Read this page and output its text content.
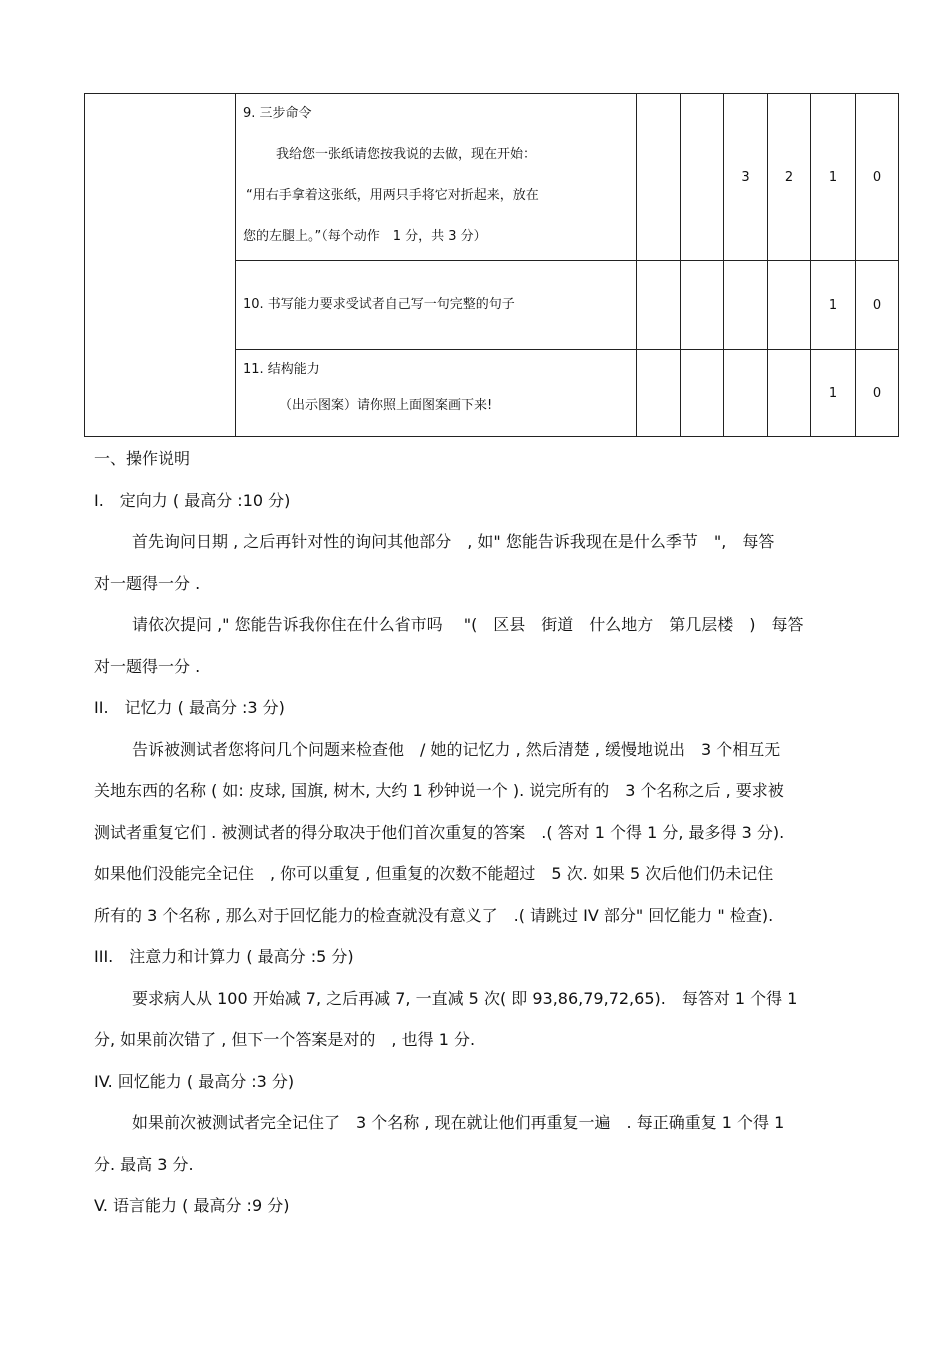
	9. 三步命令
我给您一张纸请您按我说的去做，现在开始：
“用右手拿着这张纸，用两只手将它对折起来，放在
您的左腿上。”（每个动作　1 分，共 3 分）			3	2	1	0

	10. 书写能力要求受试者自己写一句完整的句子					1	0

	11. 结构能力
（出示图案）请你照上面图案画下来!					1	0

一、操作说明

I.　定向力 ( 最高分 :10 分)

首先询问日期 , 之后再针对性的询问其他部分　, 如" 您能告诉我现在是什么季节　",　每答

对一题得一分 .

请依次提问 ," 您能告诉我你住在什么省市吗　 "(　区县　街道　什么地方　第几层楼　)　每答

对一题得一分 .

II.　记忆力 ( 最高分 :3 分)

告诉被测试者您将问几个问题来检查他　/ 她的记忆力 , 然后清楚 , 缓慢地说出　3 个相互无

关地东西的名称 ( 如: 皮球, 国旗, 树木, 大约 1 秒钟说一个 ). 说完所有的　3 个名称之后 , 要求被

测试者重复它们 . 被测试者的得分取决于他们首次重复的答案　.( 答对 1 个得 1 分, 最多得 3 分).

如果他们没能完全记住　, 你可以重复 , 但重复的次数不能超过　5 次. 如果 5 次后他们仍未记住

所有的 3 个名称 , 那么对于回忆能力的检查就没有意义了　.( 请跳过 IV 部分" 回忆能力 " 检查).

III.　注意力和计算力 ( 最高分 :5 分)

要求病人从 100 开始减 7, 之后再减 7, 一直减 5 次( 即 93,86,79,72,65).　每答对 1 个得 1

分, 如果前次错了 , 但下一个答案是对的　, 也得 1 分.

IV. 回忆能力 ( 最高分 :3 分)

如果前次被测试者完全记住了　3 个名称 , 现在就让他们再重复一遍　. 每正确重复 1 个得 1

分. 最高 3 分.

V. 语言能力 ( 最高分 :9 分)
